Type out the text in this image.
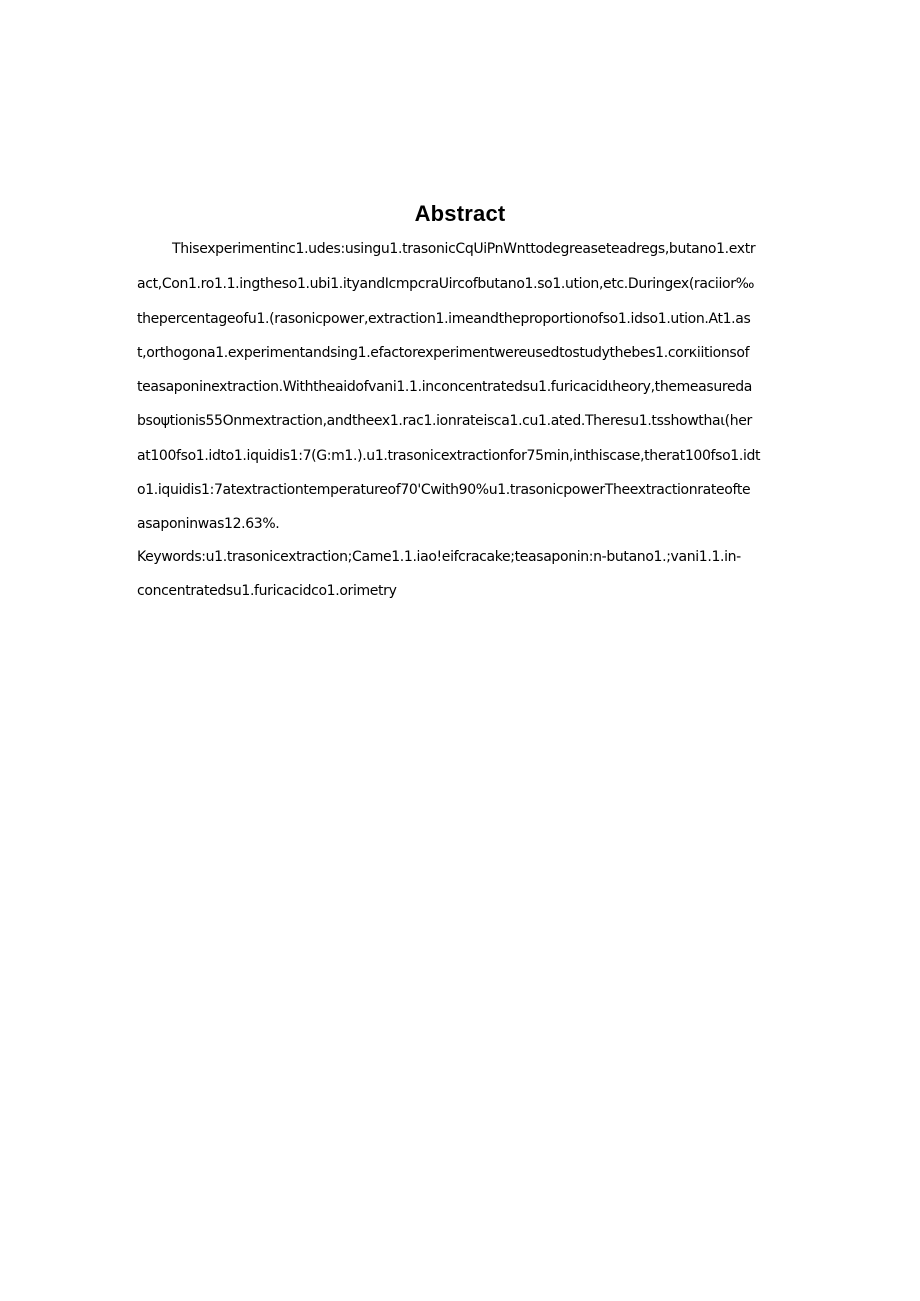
Abstract
Thisexperimentinc1.udes:usingu1.trasonicCqUiPnWnttodegreaseteadregs,butano1.extr
act,Con1.ro1.1.ingtheso1.ubi1.ityandIcmpcraUircofbutano1.so1.ution,etc.Duringex(raciior‰
thepercentageofu1.(rasonicpower,extraction1.imeandtheproportionofso1.idso1.ution.At1.as
t,orthogona1.experimentandsing1.efactorexperimentwereusedtostudythebes1.corкiitionsof
teasaponinextraction.Withtheaidofvani1.1.inconcentratedsu1.furicacidιheory,themeasureda
bsoψtionis55Onmextraction,andtheex1.rac1.ionrateisca1.cu1.ated.Theresu1.tsshowthaι(her
at100fso1.idto1.iquidis1:7(G:m1.).u1.trasonicextractionfor75min,inthiscase,therat100fso1.idt
o1.iquidis1:7atextractiontemperatureof70'Cwith90%u1.trasonicpowerTheextractionrateofte
asaponinwas12.63%.
Keywords:u1.trasonicextraction;Came1.1.iao!eifcracake;teasaponin:n-butano1.;vani1.1.in-
concentratedsu1.furicacidco1.orimetry
